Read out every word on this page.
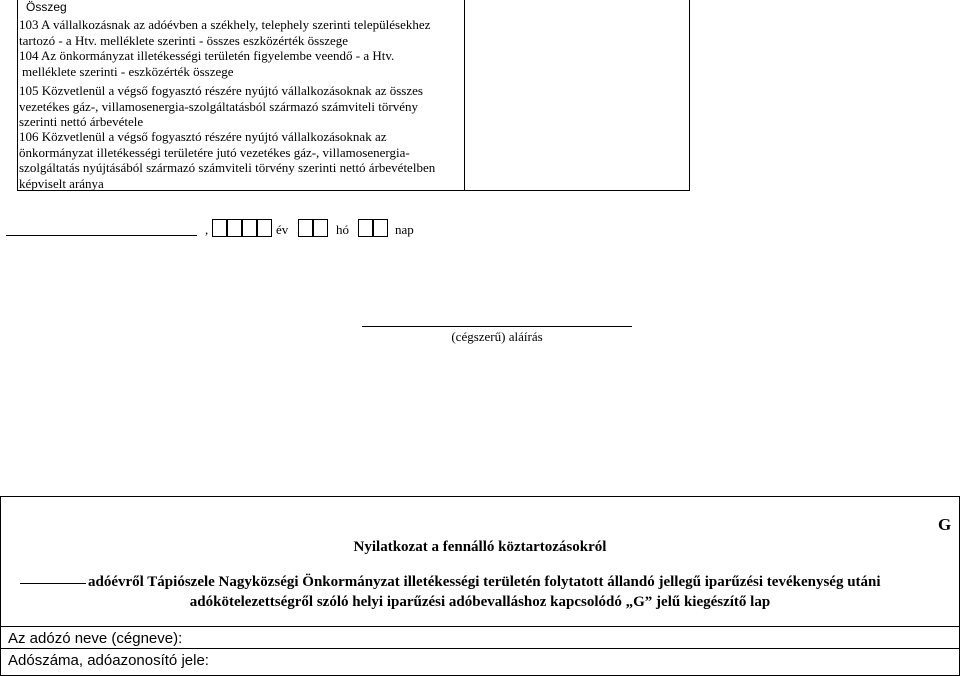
Összeg
103 A vállalkozásnak az adóévben a székhely, telephely szerinti településekhez
tartozó - a Htv. melléklete szerinti - összes eszközérték összege
104 Az önkormányzat illetékességi területén figyelembe veendő - a Htv.
melléklete szerinti - eszközérték összege
105 Közvetlenül a végső fogyasztó részére nyújtó vállalkozásoknak az összes
vezetékes gáz-, villamosenergia-szolgáltatásból származó számviteli törvény
szerinti nettó árbevétele
106 Közvetlenül a végső fogyasztó részére nyújtó vállalkozásoknak az
önkormányzat illetékességi területére jutó vezetékes gáz-, villamosenergia-
szolgáltatás nyújtásából származó számviteli törvény szerinti nettó árbevételben
képviselt aránya
,	év	hó	nap
(cégszerű) aláírás
G
Nyilatkozat a fennálló köztartozásokról
adóévről Tápiószele Nagyközségi Önkormányzat illetékességi területén folytatott állandó jellegű iparűzési tevékenység utáni
adókötelezettségről szóló helyi iparűzési adóbevalláshoz kapcsolódó „G” jelű kiegészítő lap
Az adózó neve (cégneve):
Adószáma, adóazonosító jele:
